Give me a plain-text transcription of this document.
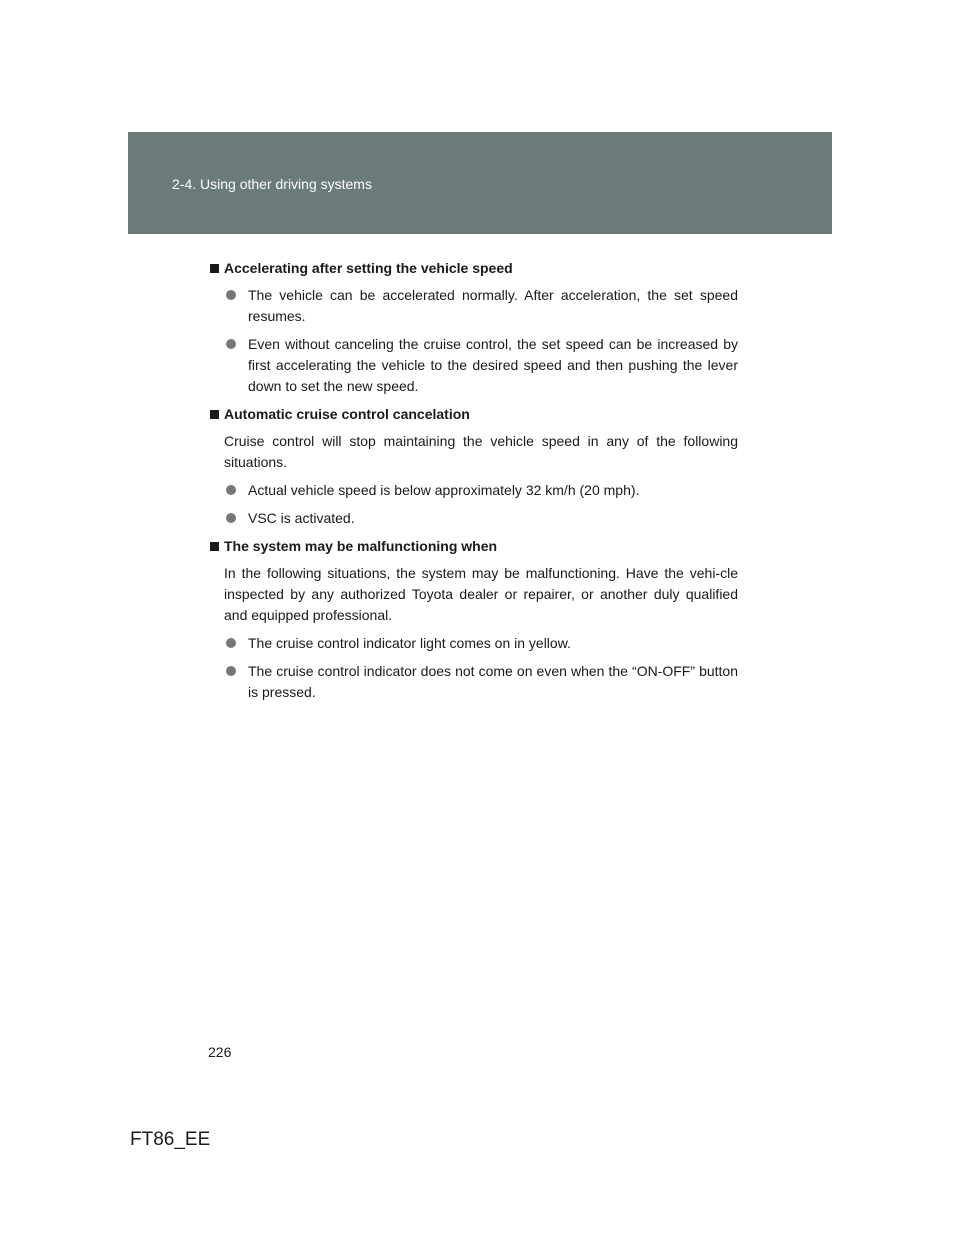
2-4. Using other driving systems
Accelerating after setting the vehicle speed
The vehicle can be accelerated normally. After acceleration, the set speed resumes.
Even without canceling the cruise control, the set speed can be increased by first accelerating the vehicle to the desired speed and then pushing the lever down to set the new speed.
Automatic cruise control cancelation
Cruise control will stop maintaining the vehicle speed in any of the following situations.
Actual vehicle speed is below approximately 32 km/h (20 mph).
VSC is activated.
The system may be malfunctioning when
In the following situations, the system may be malfunctioning. Have the vehi-cle inspected by any authorized Toyota dealer or repairer, or another duly qualified and equipped professional.
The cruise control indicator light comes on in yellow.
The cruise control indicator does not come on even when the “ON-OFF” button is pressed.
226
FT86_EE
